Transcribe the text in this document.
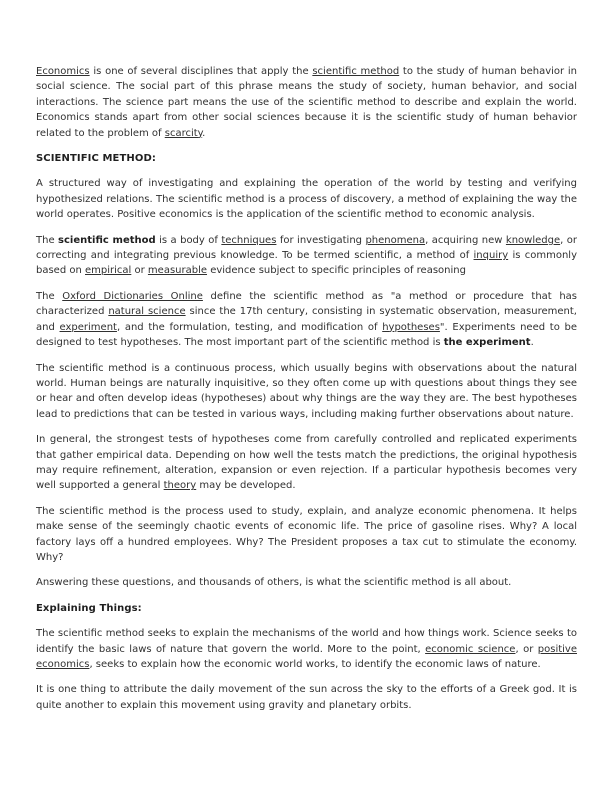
Economics is one of several disciplines that apply the scientific method to the study of human behavior in social science. The social part of this phrase means the study of society, human behavior, and social interactions. The science part means the use of the scientific method to describe and explain the world. Economics stands apart from other social sciences because it is the scientific study of human behavior related to the problem of scarcity.

SCIENTIFIC METHOD:

A structured way of investigating and explaining the operation of the world by testing and verifying hypothesized relations. The scientific method is a process of discovery, a method of explaining the way the world operates. Positive economics is the application of the scientific method to economic analysis.

The scientific method is a body of techniques for investigating phenomena, acquiring new knowledge, or correcting and integrating previous knowledge. To be termed scientific, a method of inquiry is commonly based on empirical or measurable evidence subject to specific principles of reasoning

The Oxford Dictionaries Online define the scientific method as "a method or procedure that has characterized natural science since the 17th century, consisting in systematic observation, measurement, and experiment, and the formulation, testing, and modification of hypotheses". Experiments need to be designed to test hypotheses. The most important part of the scientific method is the experiment.

The scientific method is a continuous process, which usually begins with observations about the natural world. Human beings are naturally inquisitive, so they often come up with questions about things they see or hear and often develop ideas (hypotheses) about why things are the way they are. The best hypotheses lead to predictions that can be tested in various ways, including making further observations about nature.

In general, the strongest tests of hypotheses come from carefully controlled and replicated experiments that gather empirical data. Depending on how well the tests match the predictions, the original hypothesis may require refinement, alteration, expansion or even rejection. If a particular hypothesis becomes very well supported a general theory may be developed.

The scientific method is the process used to study, explain, and analyze economic phenomena. It helps make sense of the seemingly chaotic events of economic life. The price of gasoline rises. Why? A local factory lays off a hundred employees. Why? The President proposes a tax cut to stimulate the economy. Why?

Answering these questions, and thousands of others, is what the scientific method is all about.

Explaining Things:

The scientific method seeks to explain the mechanisms of the world and how things work. Science seeks to identify the basic laws of nature that govern the world. More to the point, economic science, or positive economics, seeks to explain how the economic world works, to identify the economic laws of nature.

It is one thing to attribute the daily movement of the sun across the sky to the efforts of a Greek god. It is quite another to explain this movement using gravity and planetary orbits.
